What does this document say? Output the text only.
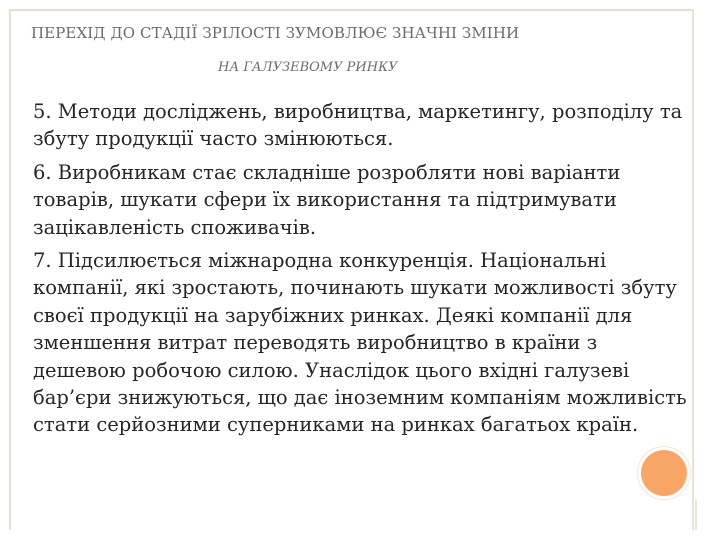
ПЕРЕХІД ДО СТАДІЇ ЗРІЛОСТІ ЗУМОВЛЮЄ ЗНАЧНІ ЗМІНИ
НА ГАЛУЗЕВОМУ РИНКУ

5. Методи досліджень, виробництва, маркетингу, розподілу та збуту продукції часто змінюються.

6. Виробникам стає складніше розробляти нові варіанти товарів, шукати сфери їх використання та підтримувати зацікавленість споживачів.

7. Підсилюється міжнародна конкуренція. Національні компанії, які зростають, починають шукати можливості збуту своєї продукції на зарубіжних ринках. Деякі компанії для зменшення витрат переводять виробництво в країни з дешевою робочою силою. Унаслідок цього вхідні галузеві бар’єри знижуються, що дає іноземним компаніям можливість стати серйозними суперниками на ринках багатьох країн.
